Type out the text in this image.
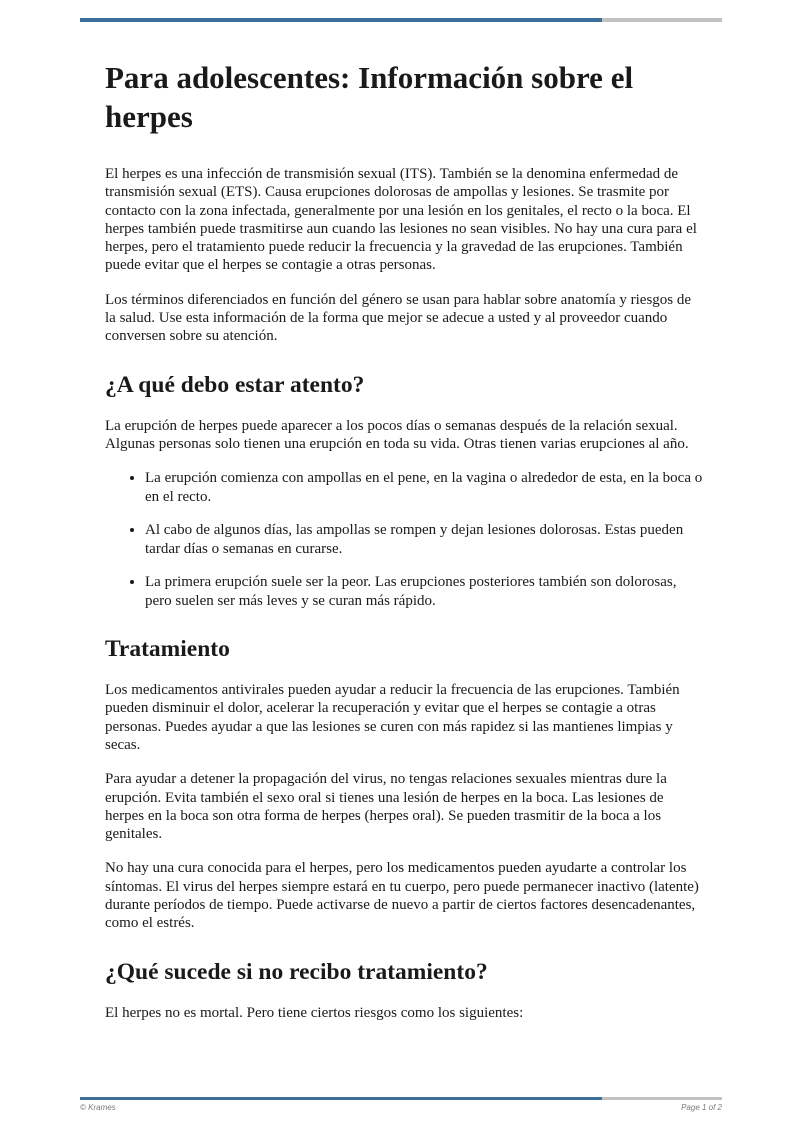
Para adolescentes: Información sobre el herpes

El herpes es una infección de transmisión sexual (ITS). También se la denomina enfermedad de transmisión sexual (ETS). Causa erupciones dolorosas de ampollas y lesiones. Se trasmite por contacto con la zona infectada, generalmente por una lesión en los genitales, el recto o la boca. El herpes también puede trasmitirse aun cuando las lesiones no sean visibles. No hay una cura para el herpes, pero el tratamiento puede reducir la frecuencia y la gravedad de las erupciones. También puede evitar que el herpes se contagie a otras personas.

Los términos diferenciados en función del género se usan para hablar sobre anatomía y riesgos de la salud. Use esta información de la forma que mejor se adecue a usted y al proveedor cuando conversen sobre su atención.

¿A qué debo estar atento?

La erupción de herpes puede aparecer a los pocos días o semanas después de la relación sexual. Algunas personas solo tienen una erupción en toda su vida. Otras tienen varias erupciones al año.

• La erupción comienza con ampollas en el pene, en la vagina o alrededor de esta, en la boca o en el recto.
• Al cabo de algunos días, las ampollas se rompen y dejan lesiones dolorosas. Estas pueden tardar días o semanas en curarse.
• La primera erupción suele ser la peor. Las erupciones posteriores también son dolorosas, pero suelen ser más leves y se curan más rápido.
Tratamiento

Los medicamentos antivirales pueden ayudar a reducir la frecuencia de las erupciones. También pueden disminuir el dolor, acelerar la recuperación y evitar que el herpes se contagie a otras personas. Puedes ayudar a que las lesiones se curen con más rapidez si las mantienes limpias y secas.

Para ayudar a detener la propagación del virus, no tengas relaciones sexuales mientras dure la erupción. Evita también el sexo oral si tienes una lesión de herpes en la boca. Las lesiones de herpes en la boca son otra forma de herpes (herpes oral). Se pueden trasmitir de la boca a los genitales.

No hay una cura conocida para el herpes, pero los medicamentos pueden ayudarte a controlar los síntomas. El virus del herpes siempre estará en tu cuerpo, pero puede permanecer inactivo (latente) durante períodos de tiempo. Puede activarse de nuevo a partir de ciertos factores desencadenantes, como el estrés.

¿Qué sucede si no recibo tratamiento?

El herpes no es mortal. Pero tiene ciertos riesgos como los siguientes:

© Krames	Page 1 of 2
